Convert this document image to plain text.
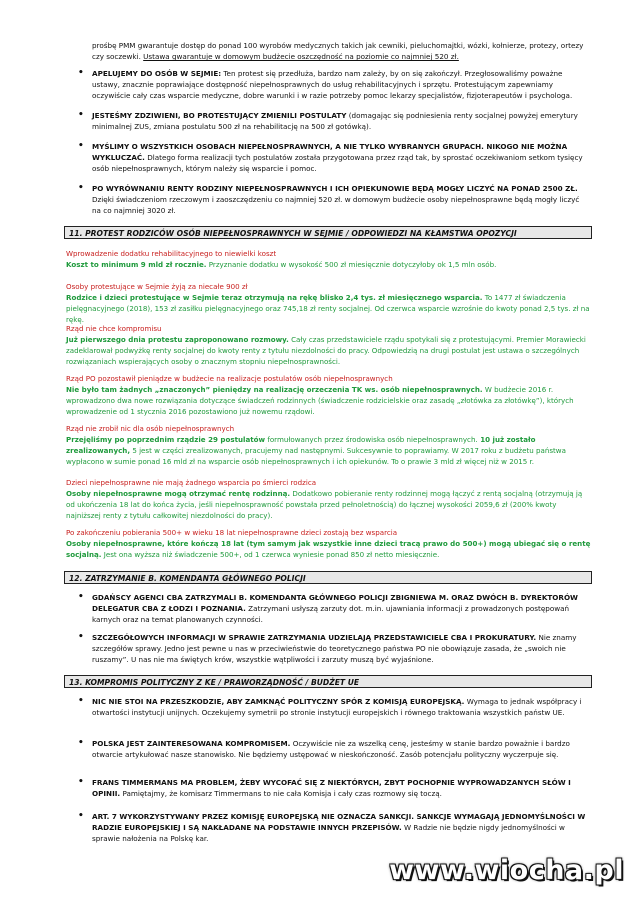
prośbę PMM gwarantuje dostęp do ponad 100 wyrobów medycznych takich jak cewniki, pieluchomajtki, wózki, kołnierze, protezy, ortezy czy soczewki. Ustawa gwarantuje w domowym budżecie oszczędność na poziomie co najmniej 520 zł.
• APELUJEMY DO OSÓB W SEJMIE: Ten protest się przedłuża, bardzo nam zależy, by on się zakończył. Przegłosowaliśmy poważne ustawy, znacznie poprawiające dostępność niepełnosprawnych do usług rehabilitacyjnych i sprzętu. Protestującym zapewniamy oczywiście cały czas wsparcie medyczne, dobre warunki i w razie potrzeby pomoc lekarzy specjalistów, fizjoterapeutów i psychologa.
• JESTEŚMY ZDZIWIENI, BO PROTESTUJĄCY ZMIENILI POSTULATY (domagając się podniesienia renty socjalnej powyżej emerytury minimalnej ZUS, zmiana postulatu 500 zł na rehabilitację na 500 zł gotówką).
• MYŚLIMY O WSZYSTKICH OSOBACH NIEPEŁNOSPRAWNYCH, A NIE TYLKO WYBRANYCH GRUPACH. NIKOGO NIE MOŻNA WYKLUCZAĆ. Dlatego forma realizacji tych postulatów została przygotowana przez rząd tak, by sprostać oczekiwaniom setkom tysięcy osób niepełnosprawnych, którym należy się wsparcie i pomoc.
• PO WYRÓWNANIU RENTY RODZINY NIEPEŁNOSPRAWNYCH I ICH OPIEKUNOWIE BĘDĄ MOGŁY LICZYĆ NA PONAD 2500 ZŁ. Dzięki świadczeniom rzeczowym i zaoszczędzeniu co najmniej 520 zł. w domowym budżecie osoby niepełnosprawne będą mogły liczyć na co najmniej 3020 zł.
11. PROTEST RODZICÓW OSÓB NIEPEŁNOSPRAWNYCH W SEJMIE / ODPOWIEDZI NA KŁAMSTWA OPOZYCJI
Wprowadzenie dodatku rehabilitacyjnego to niewielki koszt
Koszt to minimum 9 mld zł rocznie. Przyznanie dodatku w wysokość 500 zł miesięcznie dotyczyłoby ok 1,5 mln osób.
Osoby protestujące w Sejmie żyją za niecałe 900 zł
Rodzice i dzieci protestujące w Sejmie teraz otrzymują na rękę blisko 2,4 tys. zł miesięcznego wsparcia. To 1477 zł świadczenia pielęgnacyjnego (2018), 153 zł zasiłku pielęgnacyjnego oraz 745,18 zł renty socjalnej. Od czerwca wsparcie wzrośnie do kwoty ponad 2,5 tys. zł na rękę.
Rząd nie chce kompromisu
Już pierwszego dnia protestu zaproponowano rozmowy. Cały czas przedstawiciele rządu spotykali się z protestującymi. Premier Morawiecki zadeklarował podwyżkę renty socjalnej do kwoty renty z tytułu niezdolności do pracy. Odpowiedzią na drugi postulat jest ustawa o szczególnych rozwiązaniach wspierających osoby o znacznym stopniu niepełnosprawności.
Rząd PO pozostawił pieniądze w budżecie na realizacje postulatów osób niepełnosprawnych
Nie było tam żadnych „znaczonych” pieniędzy na realizację orzeczenia TK ws. osób niepełnosprawnych. W budżecie 2016 r. wprowadzono dwa nowe rozwiązania dotyczące świadczeń rodzinnych (świadczenie rodzicielskie oraz zasadę „złotówka za złotówkę”), których wprowadzenie od 1 stycznia 2016 pozostawiono już nowemu rządowi.
Rząd nie zrobił nic dla osób niepełnosprawnych
Przejęliśmy po poprzednim rządzie 29 postulatów formułowanych przez środowiska osób niepełnosprawnych. 10 już zostało zrealizowanych, 5 jest w części zrealizowanych, pracujemy nad następnymi. Sukcesywnie to poprawiamy. W 2017 roku z budżetu państwa wypłacono w sumie ponad 16 mld zł na wsparcie osób niepełnosprawnych i ich opiekunów. To o prawie 3 mld zł więcej niż w 2015 r.
Dzieci niepełnosprawne nie mają żadnego wsparcia po śmierci rodzica
Osoby niepełnosprawne mogą otrzymać rentę rodzinną. Dodatkowo pobieranie renty rodzinnej mogą łączyć z rentą socjalną (otrzymują ją od ukończenia 18 lat do końca życia, jeśli niepełnosprawność powstała przed pełnoletnością) do łącznej wysokości 2059,6 zł (200% kwoty najniższej renty z tytułu całkowitej niezdolności do pracy).
Po zakończeniu pobierania 500+ w wieku 18 lat niepełnosprawne dzieci zostają bez wsparcia
Osoby niepełnosprawne, które kończą 18 lat (tym samym jak wszystkie inne dzieci tracą prawo do 500+) mogą ubiegać się o rentę socjalną. Jest ona wyższa niż świadczenie 500+, od 1 czerwca wyniesie ponad 850 zł netto miesięcznie.
12. ZATRZYMANIE B. KOMENDANTA GŁÓWNEGO POLICJI
• GDAŃSCY AGENCI CBA ZATRZYMALI B. KOMENDANTA GŁÓWNEGO POLICJI ZBIGNIEWA M. ORAZ DWÓCH B. DYREKTORÓW DELEGATUR CBA Z ŁODZI I POZNANIA. Zatrzymani usłyszą zarzuty dot. m.in. ujawniania informacji z prowadzonych postępowań karnych oraz na temat planowanych czynności.
• SZCZEGÓŁOWYCH INFORMACJI W SPRAWIE ZATRZYMANIA UDZIELAJĄ PRZEDSTAWICIELE CBA I PROKURATURY. Nie znamy szczegółów sprawy. Jedno jest pewne u nas w przeciwieństwie do teoretycznego państwa PO nie obowiązuje zasada, że „swoich nie ruszamy”. U nas nie ma świętych krów, wszystkie wątpliwości i zarzuty muszą być wyjaśnione.
13. KOMPROMIS POLITYCZNY Z KE / PRAWORZĄDNOŚĆ / BUDŻET UE
• NIC NIE STOI NA PRZESZKODZIE, ABY ZAMKNĄĆ POLITYCZNY SPÓR Z KOMISJĄ EUROPEJSKĄ. Wymaga to jednak współpracy i otwartości instytucji unijnych. Oczekujemy symetrii po stronie instytucji europejskich i równego traktowania wszystkich państw UE.
• POLSKA JEST ZAINTERESOWANA KOMPROMISEM. Oczywiście nie za wszelką cenę, jesteśmy w stanie bardzo poważnie i bardzo otwarcie artykułować nasze stanowisko. Nie będziemy ustępować w nieskończoność. Zasób potencjału polityczny wyczerpuje się.
• FRANS TIMMERMANS MA PROBLEM, ŻEBY WYCOFAĆ SIĘ Z NIEKTÓRYCH, ZBYT POCHOPNIE WYPROWADZANYCH SŁÓW I OPINII. Pamiętajmy, że komisarz Timmermans to nie cała Komisja i cały czas rozmowy się toczą.
• ART. 7 WYKORZYSTYWANY PRZEZ KOMISJĘ EUROPEJSKĄ NIE OZNACZA SANKCJI. SANKCJE WYMAGAJĄ JEDNOMYŚLNOŚCI W RADZIE EUROPEJSKIEJ I SĄ NAKŁADANE NA PODSTAWIE INNYCH PRZEPISÓW. W Radzie nie będzie nigdy jednomyślności w sprawie nałożenia na Polskę kar.
www.wiocha.pl
